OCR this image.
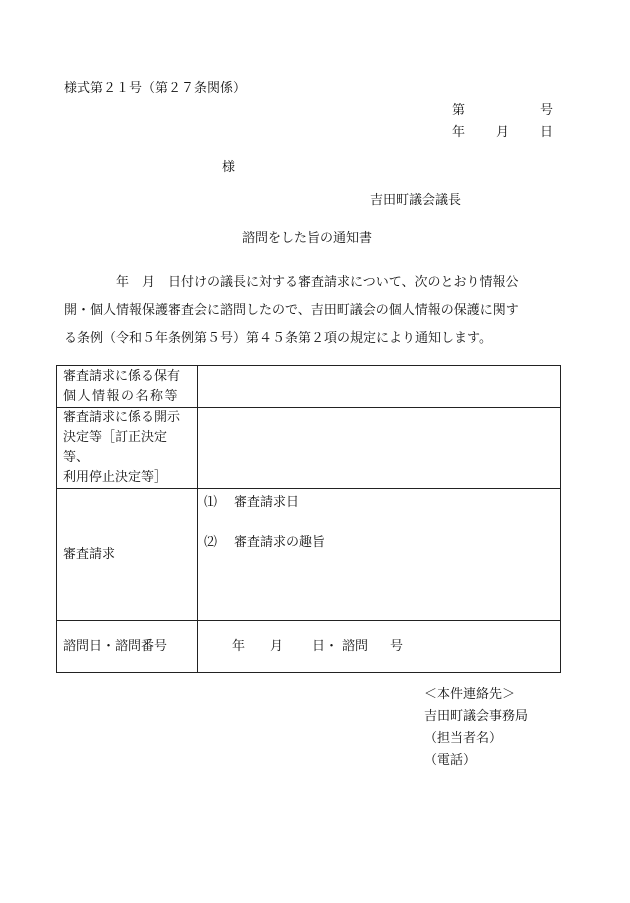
様式第２１号（第２７条関係）
第	号
年 月 日
様
吉田町議会議長
諮問をした旨の通知書
年　月　日付けの議長に対する審査請求について、次のとおり情報公
開・個人情報保護審査会に諮問したので、吉田町議会の個人情報の保護に関す
る条例（令和５年条例第５号）第４５条第２項の規定により通知します。
審査請求に係る保有
個人情報の名称等	

審査請求に係る開示
決定等［訂正決定等、
利用停止決定等］	

審査請求	⑴ 審査請求日
⑵ 審査請求の趣旨

諮問日・諮問番号	年 月 日・ 諮問 号
＜本件連絡先＞
吉田町議会事務局
（担当者名）
（電話）
